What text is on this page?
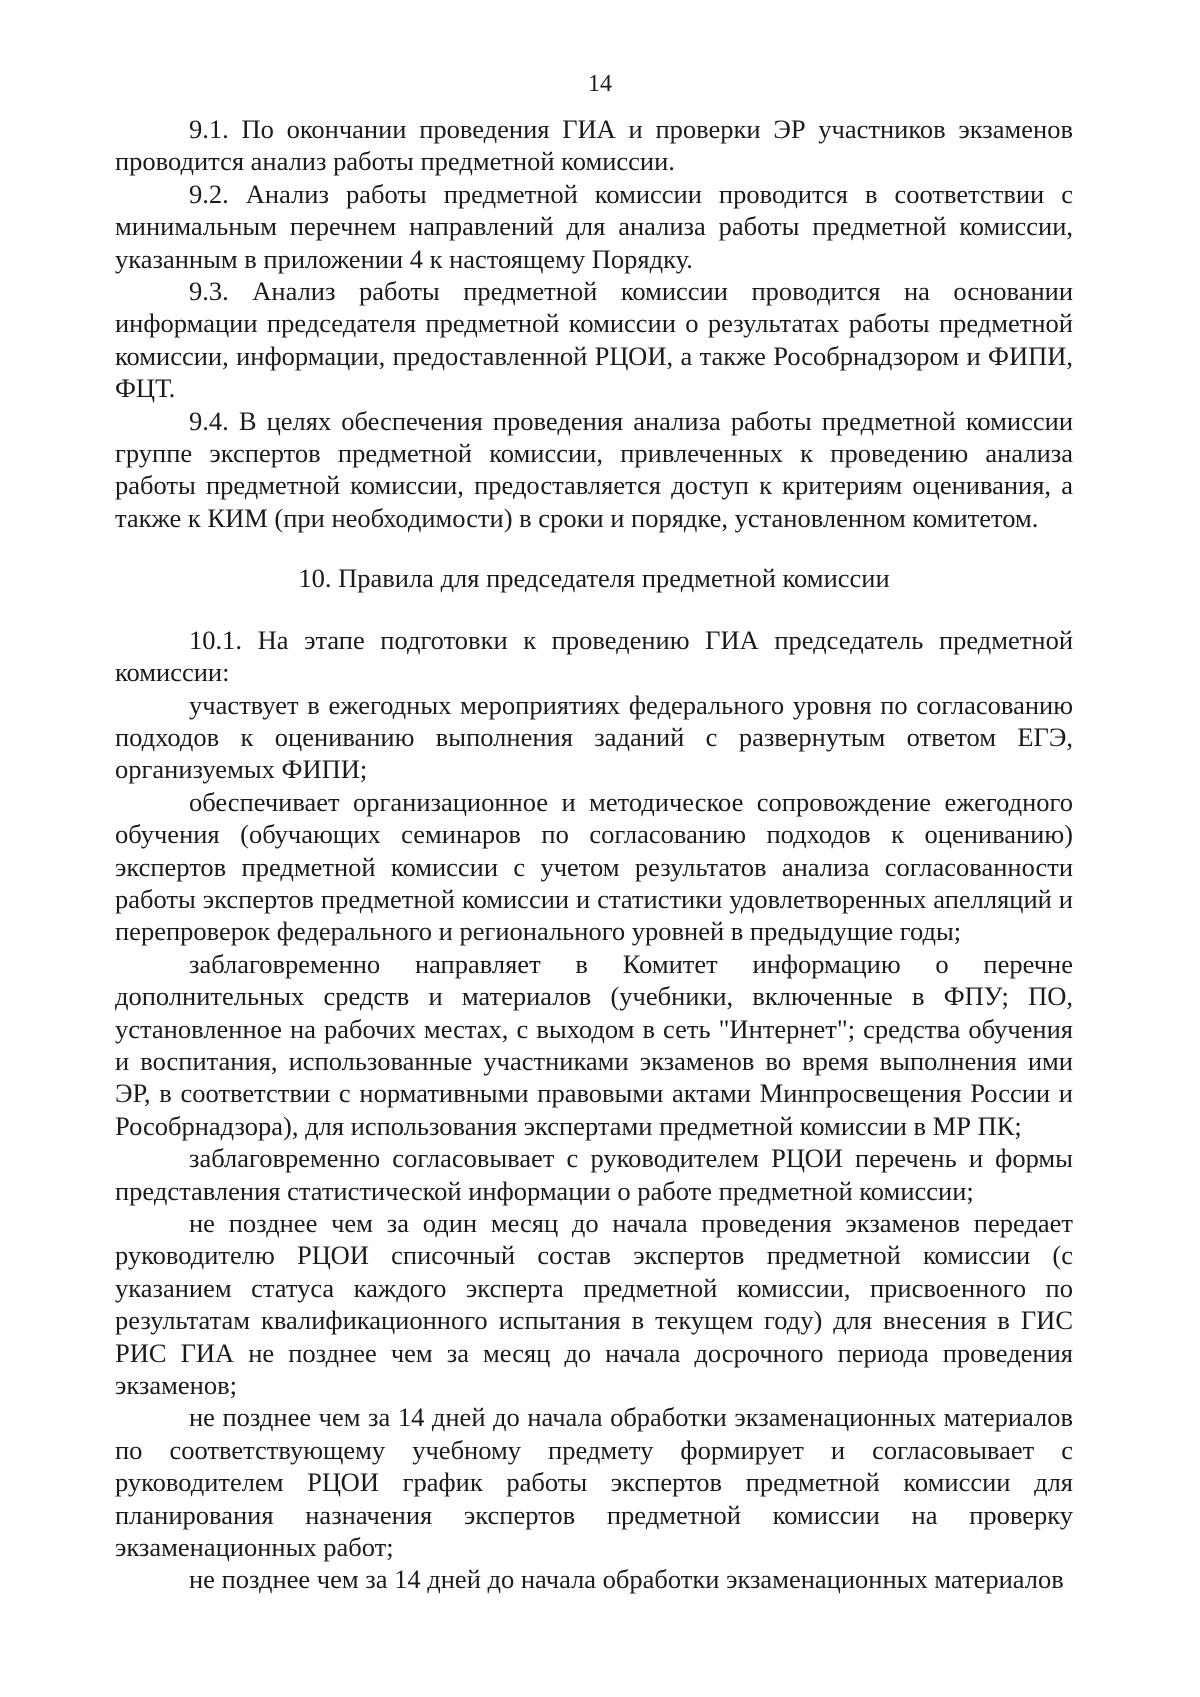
14

9.1. По окончании проведения ГИА и проверки ЭР участников экзаменов проводится анализ работы предметной комиссии.

9.2. Анализ работы предметной комиссии проводится в соответствии с минимальным перечнем направлений для анализа работы предметной комиссии, указанным в приложении 4 к настоящему Порядку.

9.3. Анализ работы предметной комиссии проводится на основании информации председателя предметной комиссии о результатах работы предметной комиссии, информации, предоставленной РЦОИ, а также Рособрнадзором и ФИПИ, ФЦТ.

9.4. В целях обеспечения проведения анализа работы предметной комиссии группе экспертов предметной комиссии, привлеченных к проведению анализа работы предметной комиссии, предоставляется доступ к критериям оценивания, а также к КИМ (при необходимости) в сроки и порядке, установленном комитетом.

10. Правила для председателя предметной комиссии

10.1. На этапе подготовки к проведению ГИА председатель предметной комиссии:

участвует в ежегодных мероприятиях федерального уровня по согласованию подходов к оцениванию выполнения заданий с развернутым ответом ЕГЭ, организуемых ФИПИ;

обеспечивает организационное и методическое сопровождение ежегодного обучения (обучающих семинаров по согласованию подходов к оцениванию) экспертов предметной комиссии с учетом результатов анализа согласованности работы экспертов предметной комиссии и статистики удовлетворенных апелляций и перепроверок федерального и регионального уровней в предыдущие годы;

заблаговременно направляет в Комитет информацию о перечне дополнительных средств и материалов (учебники, включенные в ФПУ; ПО, установленное на рабочих местах, с выходом в сеть "Интернет"; средства обучения и воспитания, использованные участниками экзаменов во время выполнения ими ЭР, в соответствии с нормативными правовыми актами Минпросвещения России и Рособрнадзора), для использования экспертами предметной комиссии в МР ПК;

заблаговременно согласовывает с руководителем РЦОИ перечень и формы представления статистической информации о работе предметной комиссии;

не позднее чем за один месяц до начала проведения экзаменов передает руководителю РЦОИ списочный состав экспертов предметной комиссии (с указанием статуса каждого эксперта предметной комиссии, присвоенного по результатам квалификационного испытания в текущем году) для внесения в ГИС РИС ГИА не позднее чем за месяц до начала досрочного периода проведения экзаменов;

не позднее чем за 14 дней до начала обработки экзаменационных материалов по соответствующему учебному предмету формирует и согласовывает с руководителем РЦОИ график работы экспертов предметной комиссии для планирования назначения экспертов предметной комиссии на проверку экзаменационных работ;

не позднее чем за 14 дней до начала обработки экзаменационных материалов
